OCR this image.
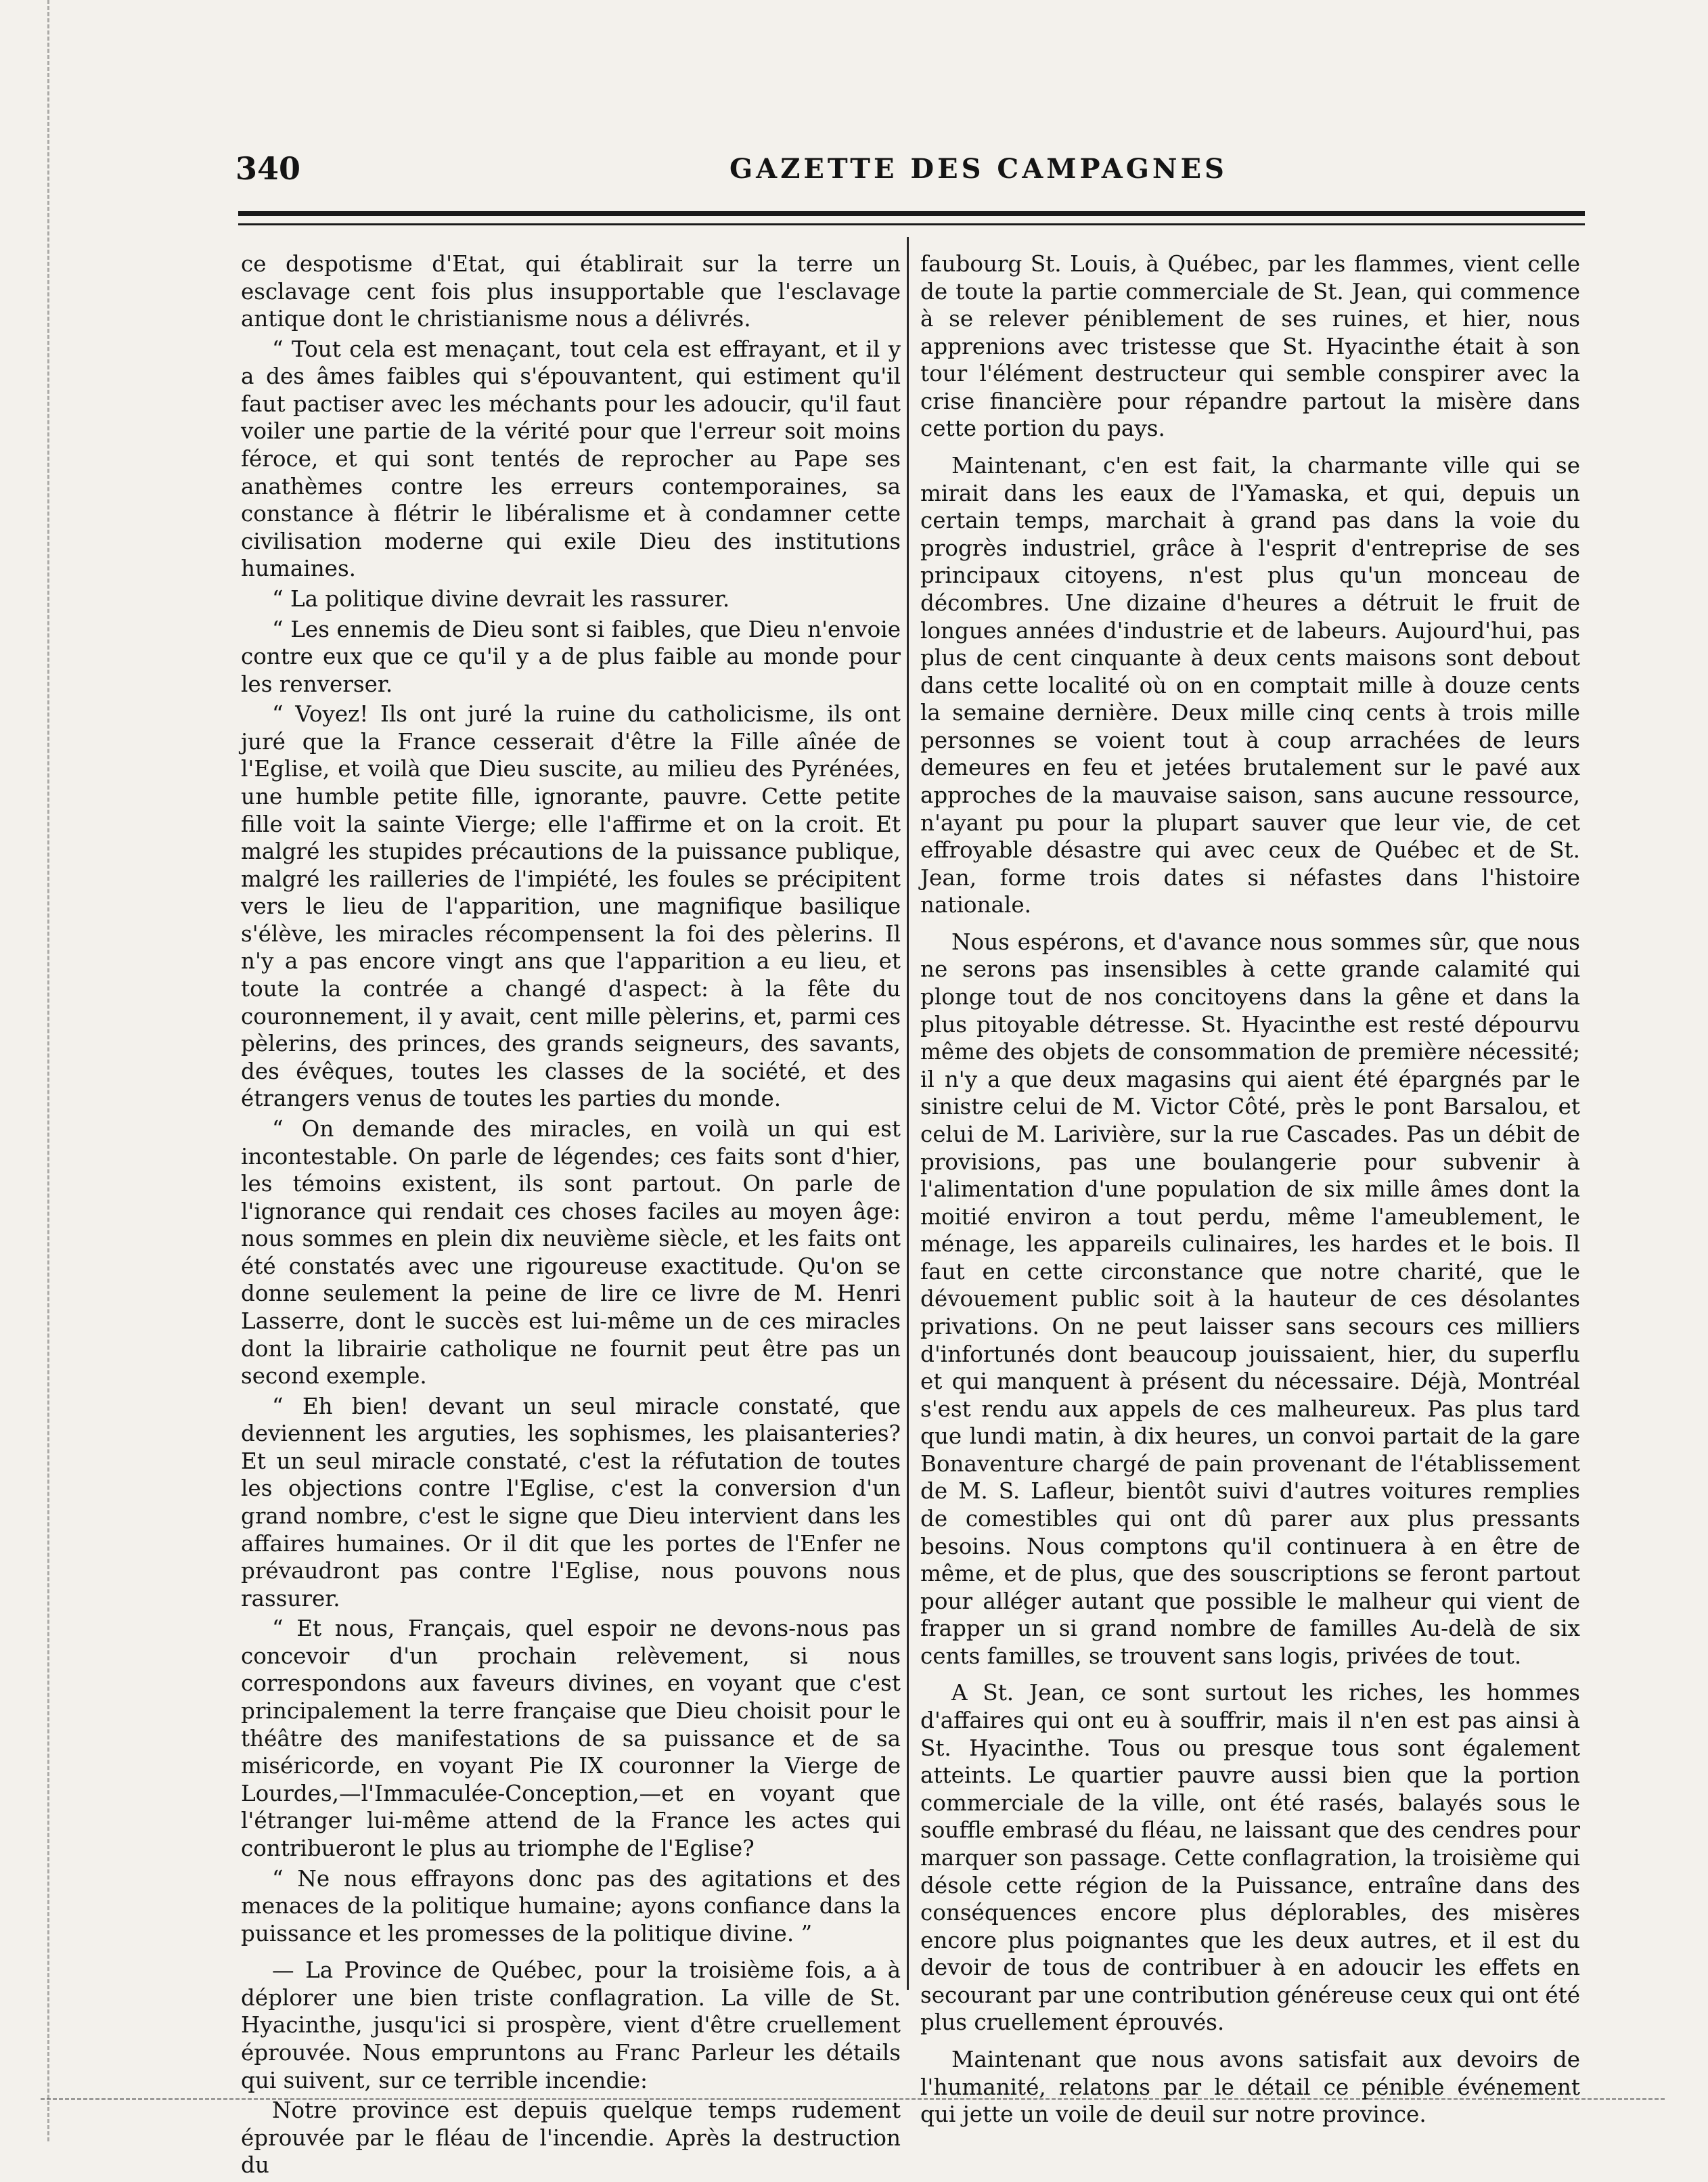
340	GAZETTE DES CAMPAGNES

ce despotisme d'Etat, qui établirait sur la terre un esclavage cent fois plus insupportable que l'esclavage antique dont le christianisme nous a délivrés.

“ Tout cela est menaçant, tout cela est effrayant, et il y a des âmes faibles qui s'épouvantent, qui estiment qu'il faut pactiser avec les méchants pour les adoucir, qu'il faut voiler une partie de la vérité pour que l'erreur soit moins féroce, et qui sont tentés de reprocher au Pape ses anathèmes contre les erreurs contemporaines, sa constance à flétrir le libéralisme et à condamner cette civilisation moderne qui exile Dieu des institutions humaines.

“ La politique divine devrait les rassurer.

“ Les ennemis de Dieu sont si faibles, que Dieu n'envoie contre eux que ce qu'il y a de plus faible au monde pour les renverser.

“ Voyez! Ils ont juré la ruine du catholicisme, ils ont juré que la France cesserait d'être la Fille aînée de l'Eglise, et voilà que Dieu suscite, au milieu des Pyrénées, une humble petite fille, ignorante, pauvre. Cette petite fille voit la sainte Vierge; elle l'affirme et on la croit. Et malgré les stupides précautions de la puissance publique, malgré les railleries de l'impiété, les foules se précipitent vers le lieu de l'apparition, une magnifique basilique s'élève, les miracles récompensent la foi des pèlerins. Il n'y a pas encore vingt ans que l'apparition a eu lieu, et toute la contrée a changé d'aspect: à la fête du couronnement, il y avait, cent mille pèlerins, et, parmi ces pèlerins, des princes, des grands seigneurs, des savants, des évêques, toutes les classes de la société, et des étrangers venus de toutes les parties du monde.

“ On demande des miracles, en voilà un qui est incontestable. On parle de légendes; ces faits sont d'hier, les témoins existent, ils sont partout. On parle de l'ignorance qui rendait ces choses faciles au moyen âge: nous sommes en plein dix neuvième siècle, et les faits ont été constatés avec une rigoureuse exactitude. Qu'on se donne seulement la peine de lire ce livre de M. Henri Lasserre, dont le succès est lui-même un de ces miracles dont la librairie catholique ne fournit peut être pas un second exemple.

“ Eh bien! devant un seul miracle constaté, que deviennent les arguties, les sophismes, les plaisanteries? Et un seul miracle constaté, c'est la réfutation de toutes les objections contre l'Eglise, c'est la conversion d'un grand nombre, c'est le signe que Dieu intervient dans les affaires humaines. Or il dit que les portes de l'Enfer ne prévaudront pas contre l'Eglise, nous pouvons nous rassurer.

“ Et nous, Français, quel espoir ne devons-nous pas concevoir d'un prochain relèvement, si nous correspondons aux faveurs divines, en voyant que c'est principalement la terre française que Dieu choisit pour le théâtre des manifestations de sa puissance et de sa miséricorde, en voyant Pie IX couronner la Vierge de Lourdes,—l'Immaculée-Conception,—et en voyant que l'étranger lui-même attend de la France les actes qui contribueront le plus au triomphe de l'Eglise?

“ Ne nous effrayons donc pas des agitations et des menaces de la politique humaine; ayons confiance dans la puissance et les promesses de la politique divine. ”

— La Province de Québec, pour la troisième fois, a à déplorer une bien triste conflagration. La ville de St. Hyacinthe, jusqu'ici si prospère, vient d'être cruellement éprouvée. Nous empruntons au Franc Parleur les détails qui suivent, sur ce terrible incendie:

Notre province est depuis quelque temps rudement éprouvée par le fléau de l'incendie. Après la destruction du

faubourg St. Louis, à Québec, par les flammes, vient celle de toute la partie commerciale de St. Jean, qui commence à se relever péniblement de ses ruines, et hier, nous apprenions avec tristesse que St. Hyacinthe était à son tour l'élément destructeur qui semble conspirer avec la crise financière pour répandre partout la misère dans cette portion du pays.

Maintenant, c'en est fait, la charmante ville qui se mirait dans les eaux de l'Yamaska, et qui, depuis un certain temps, marchait à grand pas dans la voie du progrès industriel, grâce à l'esprit d'entreprise de ses principaux citoyens, n'est plus qu'un monceau de décombres. Une dizaine d'heures a détruit le fruit de longues années d'industrie et de labeurs. Aujourd'hui, pas plus de cent cinquante à deux cents maisons sont debout dans cette localité où on en comptait mille à douze cents la semaine dernière. Deux mille cinq cents à trois mille personnes se voient tout à coup arrachées de leurs demeures en feu et jetées brutalement sur le pavé aux approches de la mauvaise saison, sans aucune ressource, n'ayant pu pour la plupart sauver que leur vie, de cet effroyable désastre qui avec ceux de Québec et de St. Jean, forme trois dates si néfastes dans l'histoire nationale.

Nous espérons, et d'avance nous sommes sûr, que nous ne serons pas insensibles à cette grande calamité qui plonge tout de nos concitoyens dans la gêne et dans la plus pitoyable détresse. St. Hyacinthe est resté dépourvu même des objets de consommation de première nécessité; il n'y a que deux magasins qui aient été épargnés par le sinistre celui de M. Victor Côté, près le pont Barsalou, et celui de M. Larivière, sur la rue Cascades. Pas un débit de provisions, pas une boulangerie pour subvenir à l'alimentation d'une population de six mille âmes dont la moitié environ a tout perdu, même l'ameublement, le ménage, les appareils culinaires, les hardes et le bois. Il faut en cette circonstance que notre charité, que le dévouement public soit à la hauteur de ces désolantes privations. On ne peut laisser sans secours ces milliers d'infortunés dont beaucoup jouissaient, hier, du superflu et qui manquent à présent du nécessaire. Déjà, Montréal s'est rendu aux appels de ces malheureux. Pas plus tard que lundi matin, à dix heures, un convoi partait de la gare Bonaventure chargé de pain provenant de l'établissement de M. S. Lafleur, bientôt suivi d'autres voitures remplies de comestibles qui ont dû parer aux plus pressants besoins. Nous comptons qu'il continuera à en être de même, et de plus, que des souscriptions se feront partout pour alléger autant que possible le malheur qui vient de frapper un si grand nombre de familles Au-delà de six cents familles, se trouvent sans logis, privées de tout.

A St. Jean, ce sont surtout les riches, les hommes d'affaires qui ont eu à souffrir, mais il n'en est pas ainsi à St. Hyacinthe. Tous ou presque tous sont également atteints. Le quartier pauvre aussi bien que la portion commerciale de la ville, ont été rasés, balayés sous le souffle embrasé du fléau, ne laissant que des cendres pour marquer son passage. Cette conflagration, la troisième qui désole cette région de la Puissance, entraîne dans des conséquences encore plus déplorables, des misères encore plus poignantes que les deux autres, et il est du devoir de tous de contribuer à en adoucir les effets en secourant par une contribution généreuse ceux qui ont été plus cruellement éprouvés.

Maintenant que nous avons satisfait aux devoirs de l'humanité, relatons par le détail ce pénible événement qui jette un voile de deuil sur notre province.
